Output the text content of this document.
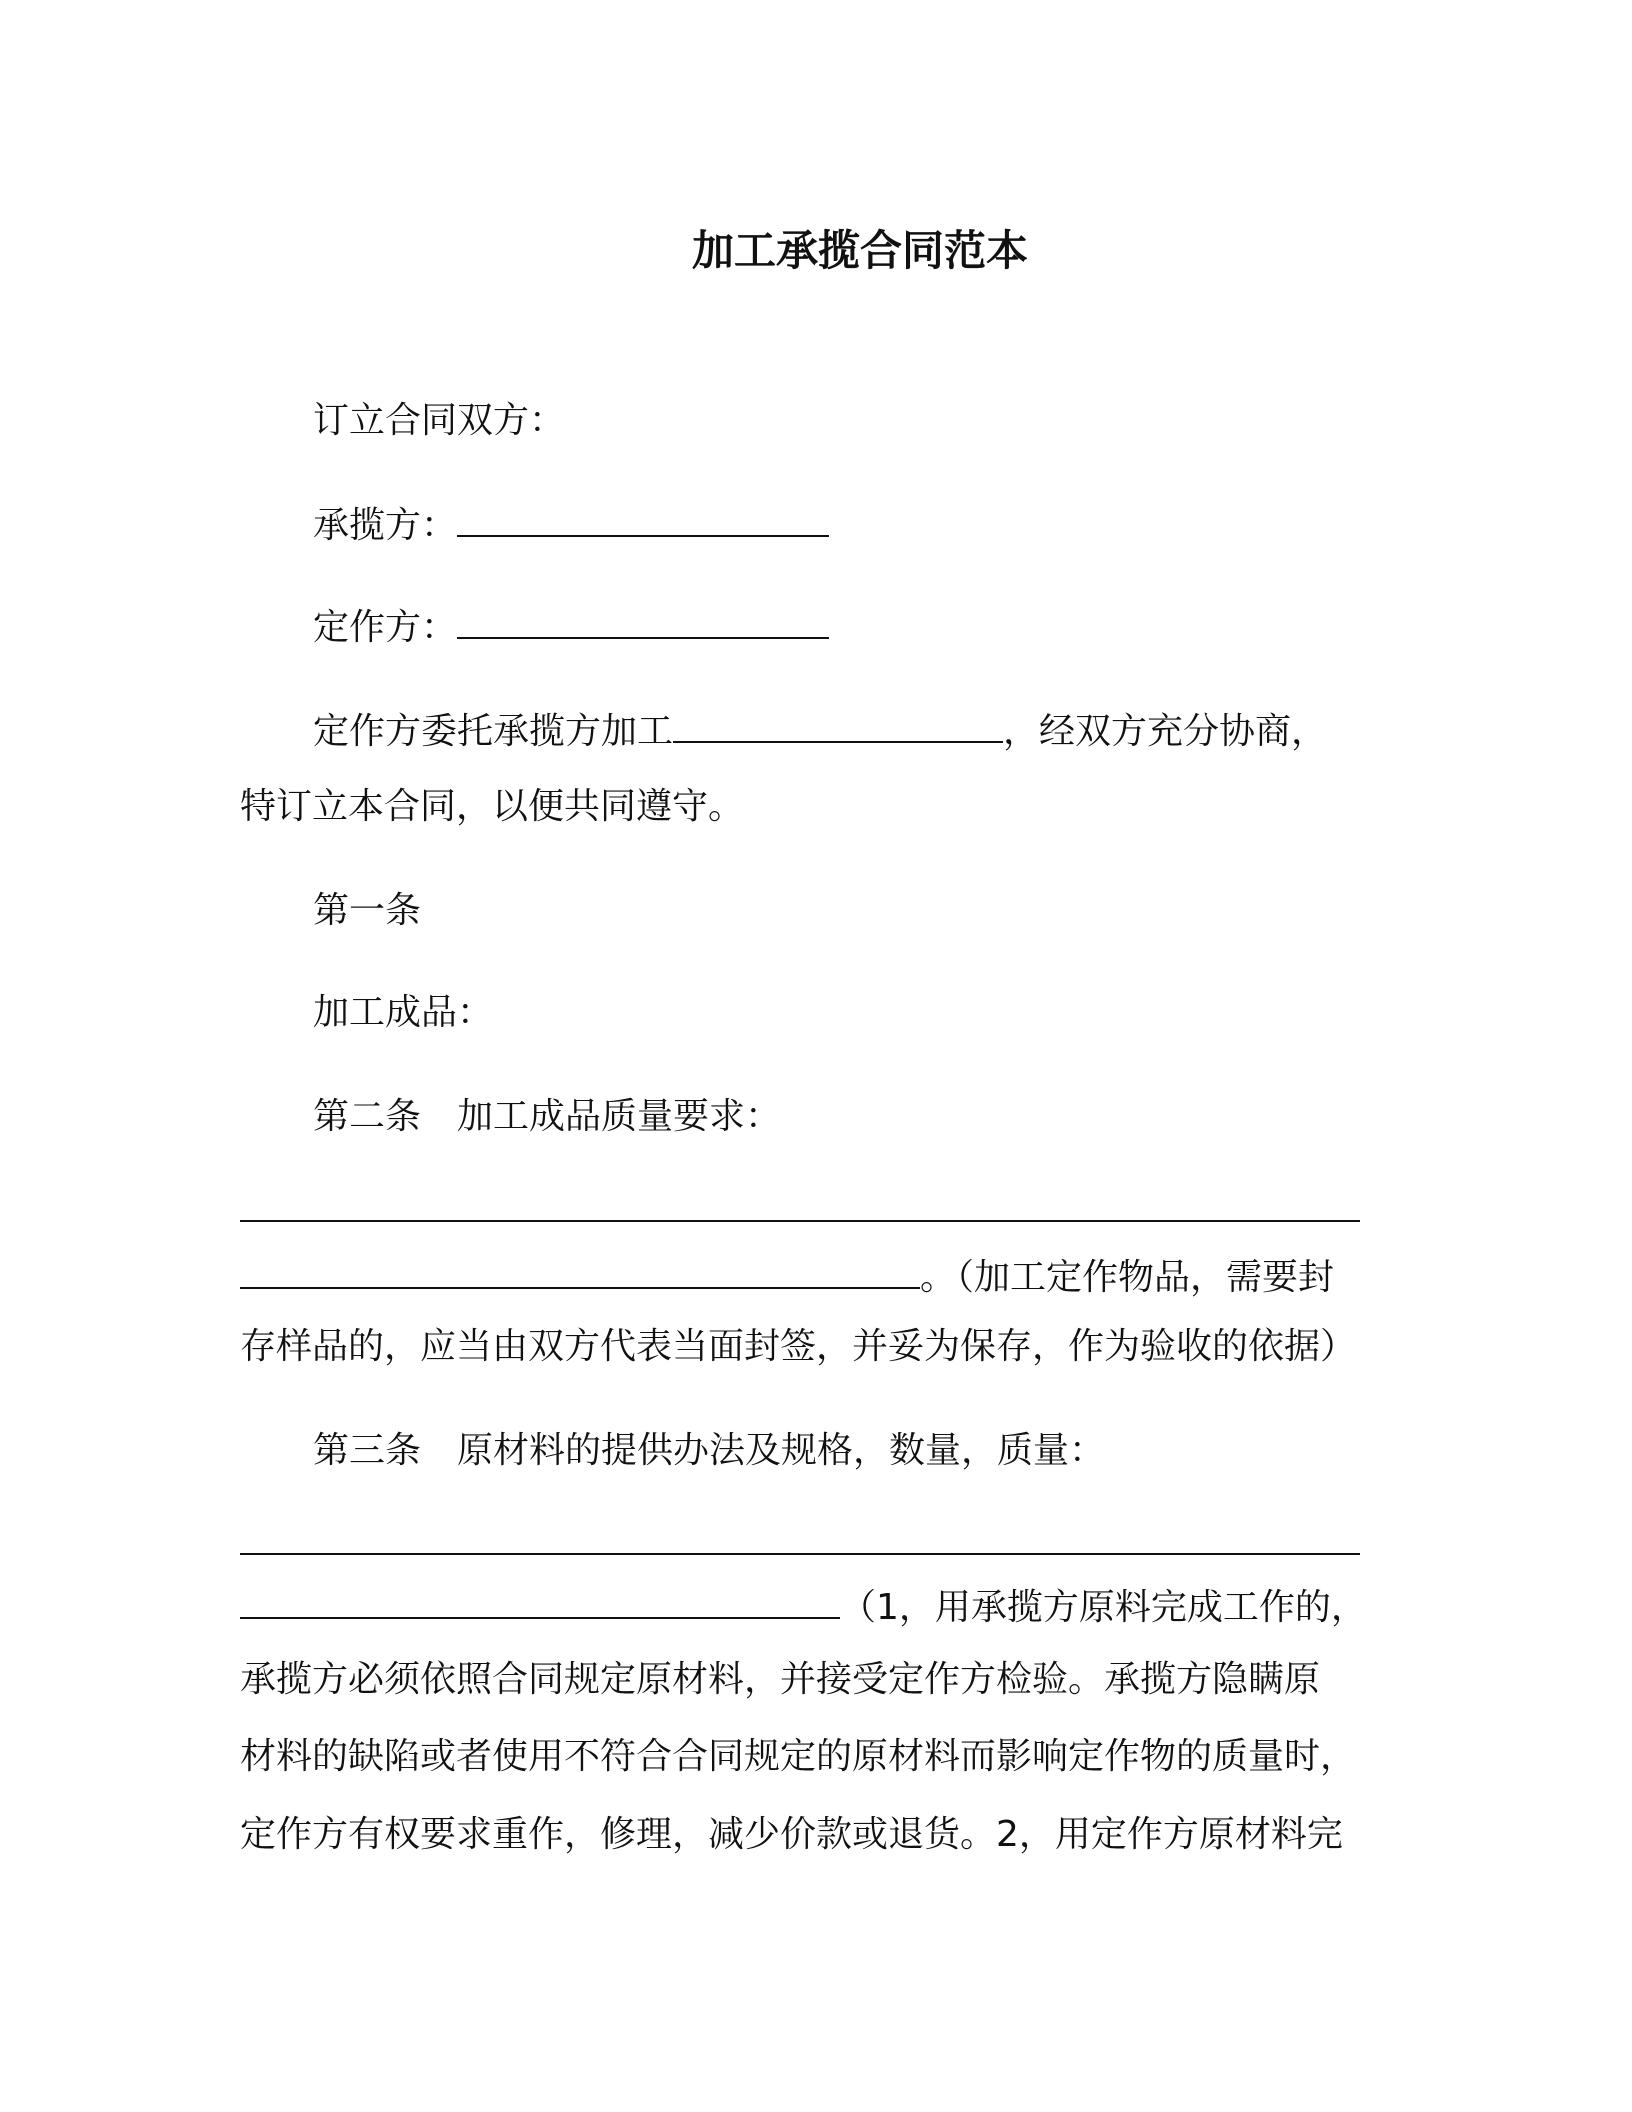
加工承揽合同范本
订立合同双方：
承揽方：
定作方：
定作方委托承揽方加工	，经双方充分协商，
特订立本合同，以便共同遵守。
第一条
加工成品：
第二条　加工成品质量要求：
。（加工定作物品，需要封
存样品的，应当由双方代表当面封签，并妥为保存，作为验收的依据）
第三条　原材料的提供办法及规格，数量，质量：
（1，用承揽方原料完成工作的，
承揽方必须依照合同规定原材料，并接受定作方检验。承揽方隐瞒原
材料的缺陷或者使用不符合合同规定的原材料而影响定作物的质量时，
定作方有权要求重作，修理，减少价款或退货。2，用定作方原材料完
